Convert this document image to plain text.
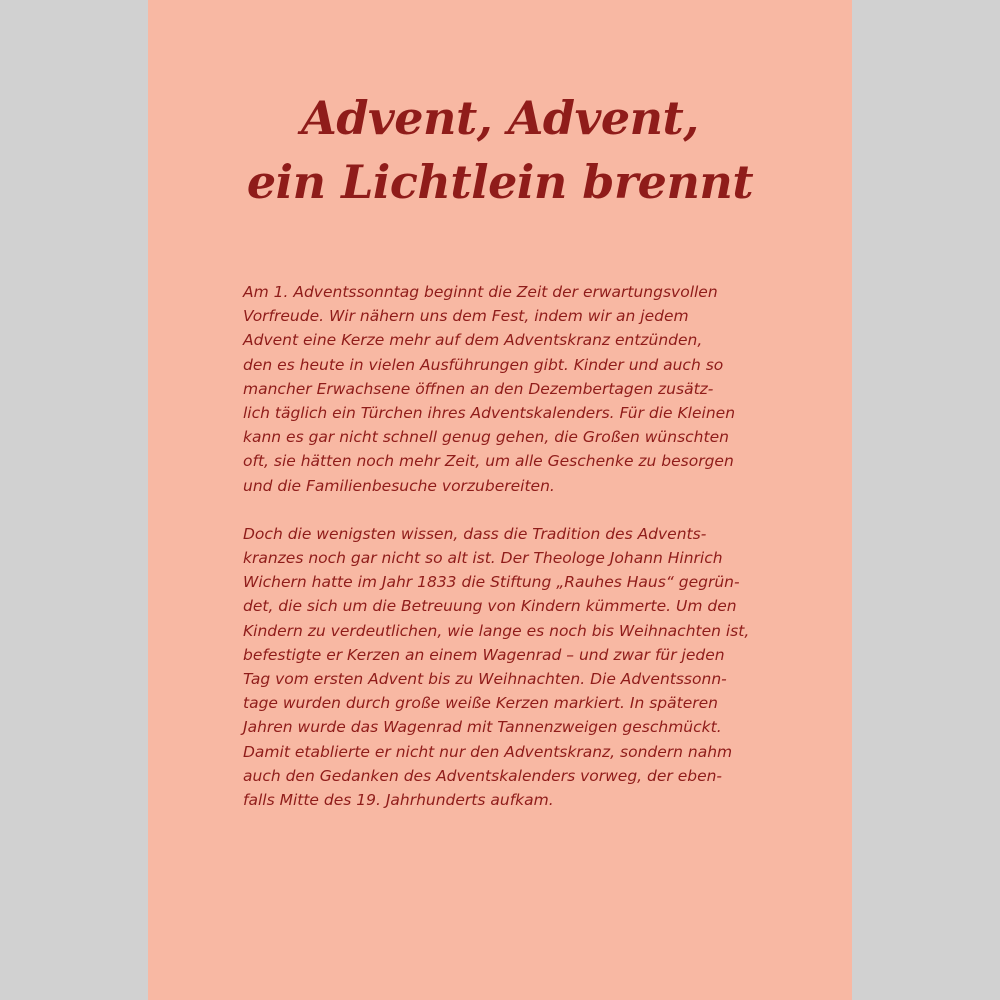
Advent, Advent,
ein Lichtlein brennt
Am 1. Adventssonntag beginnt die Zeit der erwartungsvollen
Vorfreude. Wir nähern uns dem Fest, indem wir an jedem
Advent eine Kerze mehr auf dem Adventskranz entzünden,
den es heute in vielen Ausführungen gibt. Kinder und auch so
mancher Erwachsene öffnen an den Dezembertagen zusätz-
lich täglich ein Türchen ihres Adventskalenders. Für die Kleinen
kann es gar nicht schnell genug gehen, die Großen wünschten
oft, sie hätten noch mehr Zeit, um alle Geschenke zu besorgen
und die Familienbesuche vorzubereiten.
Doch die wenigsten wissen, dass die Tradition des Advents-
kranzes noch gar nicht so alt ist. Der Theologe Johann Hinrich
Wichern hatte im Jahr 1833 die Stiftung „Rauhes Haus“ gegrün-
det, die sich um die Betreuung von Kindern kümmerte. Um den
Kindern zu verdeutlichen, wie lange es noch bis Weihnachten ist,
befestigte er Kerzen an einem Wagenrad – und zwar für jeden
Tag vom ersten Advent bis zu Weihnachten. Die Adventssonn-
tage wurden durch große weiße Kerzen markiert. In späteren
Jahren wurde das Wagenrad mit Tannenzweigen geschmückt.
Damit etablierte er nicht nur den Adventskranz, sondern nahm
auch den Gedanken des Adventskalenders vorweg, der eben-
falls Mitte des 19. Jahrhunderts aufkam.
